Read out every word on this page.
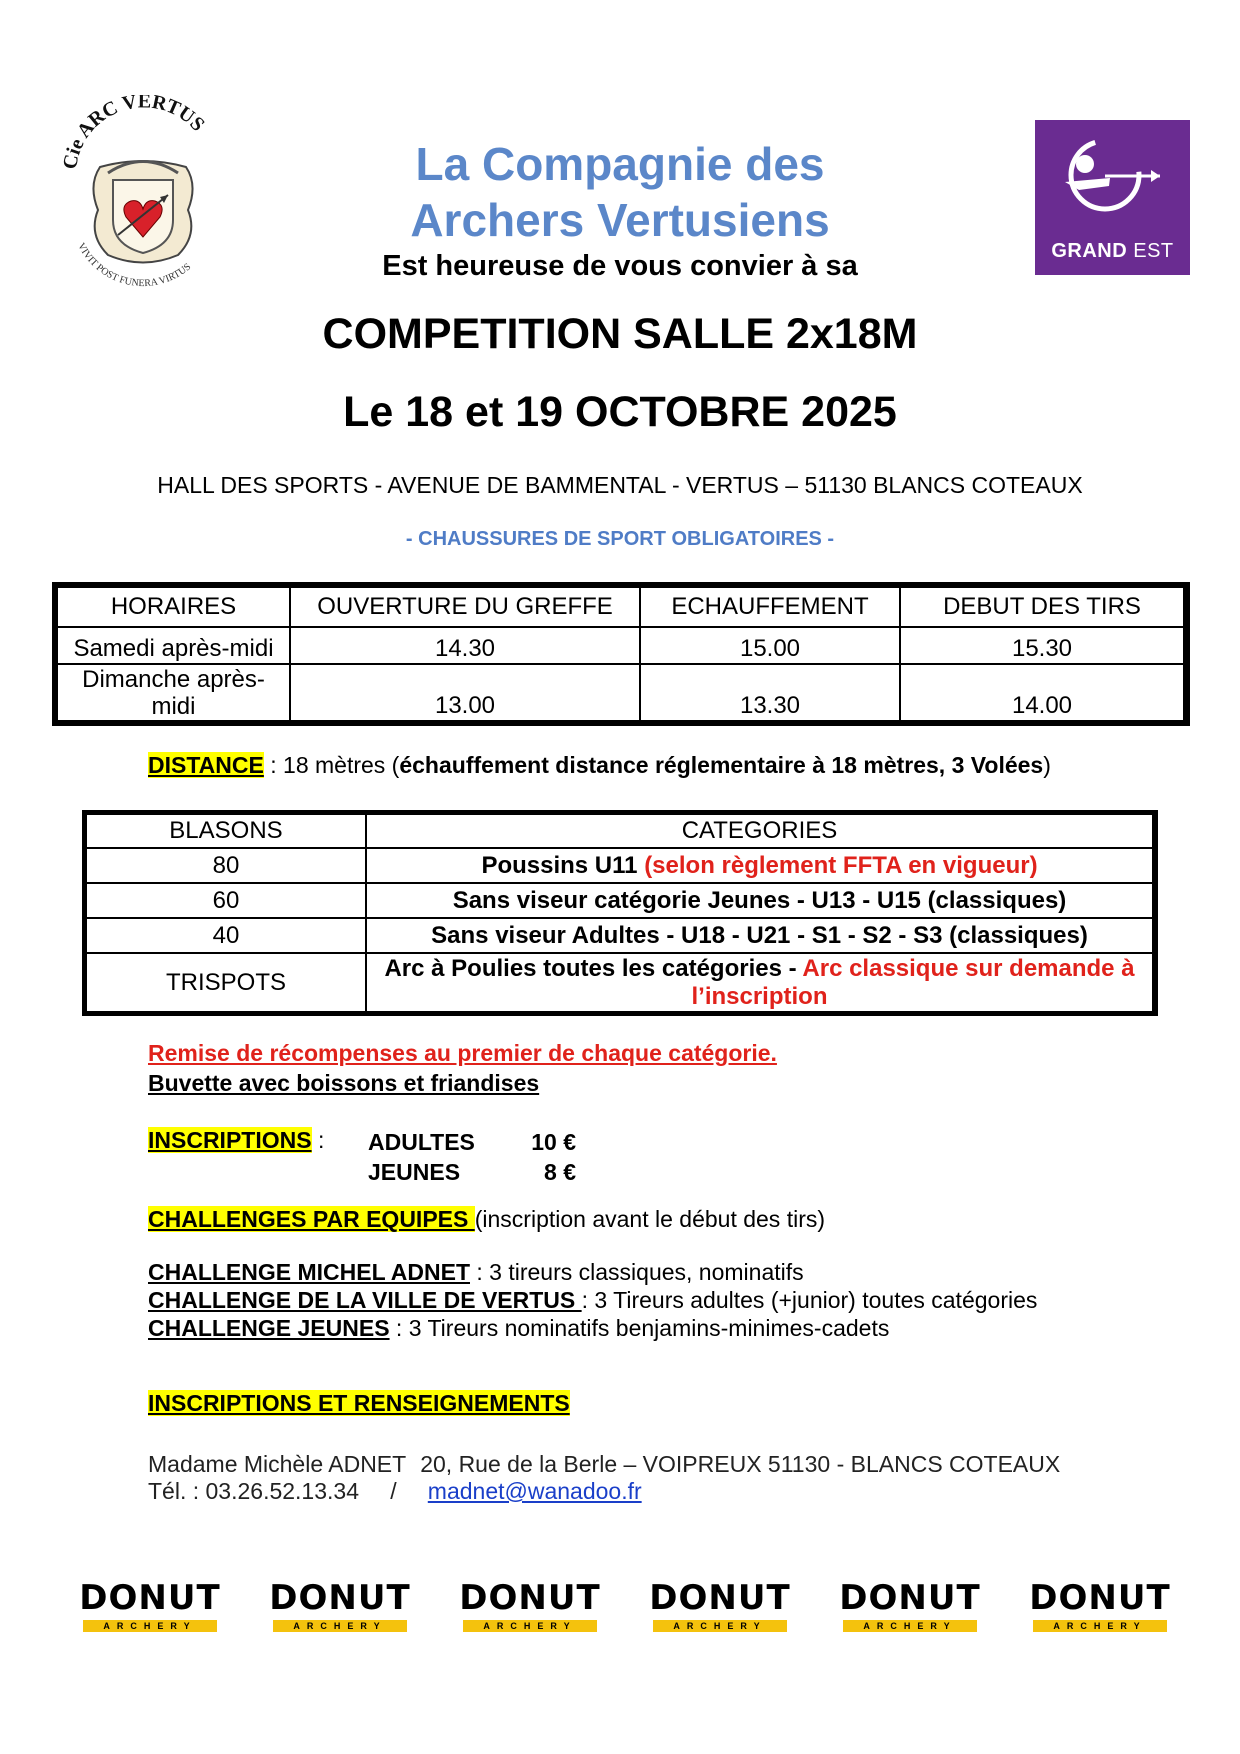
Cie ARC VERTUS
VIVIT POST FUNERA VIRTUS
GRAND EST
La Compagnie des
Archers Vertusiens
Est heureuse de vous convier à sa
COMPETITION SALLE 2x18M
Le 18 et 19 OCTOBRE 2025
HALL DES SPORTS - AVENUE DE BAMMENTAL - VERTUS – 51130 BLANCS COTEAUX
- CHAUSSURES DE SPORT OBLIGATOIRES -
HORAIRES	OUVERTURE DU GREFFE	ECHAUFFEMENT	DEBUT DES TIRS
Samedi après-midi	14.30	15.00	15.30
Dimanche après-midi	13.00	13.30	14.00
DISTANCE : 18 mètres (échauffement distance réglementaire à 18 mètres, 3 Volées)
BLASONS	CATEGORIES
80	Poussins U11 (selon règlement FFTA en vigueur)
60	Sans viseur catégorie Jeunes - U13 - U15 (classiques)
40	Sans viseur Adultes - U18 - U21 - S1 - S2 - S3 (classiques)
TRISPOTS	Arc à Poulies toutes les catégories - Arc classique sur demande à l’inscription
Remise de récompenses au premier de chaque catégorie.
Buvette avec boissons et friandises
INSCRIPTIONS : ADULTES	10 €
JEUNES	8 €
CHALLENGES PAR EQUIPES (inscription avant le début des tirs)
CHALLENGE MICHEL ADNET : 3 tireurs classiques, nominatifs
CHALLENGE DE LA VILLE DE VERTUS : 3 Tireurs adultes (+junior) toutes catégories
CHALLENGE JEUNES : 3 Tireurs nominatifs benjamins-minimes-cadets
INSCRIPTIONS ET RENSEIGNEMENTS
Madame Michèle ADNET 20, Rue de la Berle – VOIPREUX 51130 - BLANCS COTEAUX
Tél. : 03.26.52.13.34 / madnet@wanadoo.fr
DONUT
ARCHERY
DONUT
ARCHERY
DONUT
ARCHERY
DONUT
ARCHERY
DONUT
ARCHERY
DONUT
ARCHERY
